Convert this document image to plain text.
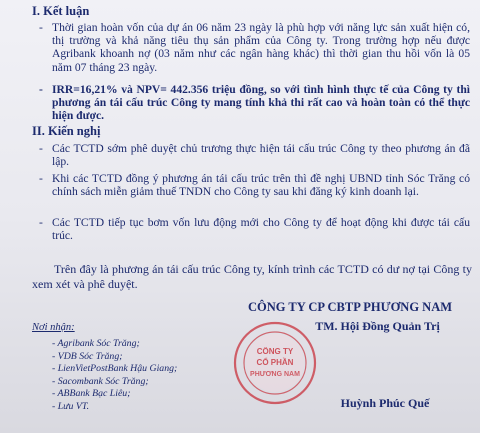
I. Kết luận
- Thời gian hoàn vốn của dự án 06 năm 23 ngày là phù hợp với năng lực sản xuất hiện có, thị trường và khả năng tiêu thụ sản phẩm của Công ty. Trong trường hợp nếu được Agribank khoanh nợ (03 năm như các ngân hàng khác) thì thời gian thu hồi vốn là 05 năm 07 tháng 23 ngày.
- IRR=16,21% và NPV= 442.356 triệu đồng, so với tình hình thực tế của Công ty thì phương án tái cấu trúc Công ty mang tính khả thi rất cao và hoàn toàn có thể thực hiện được.
II. Kiến nghị
- Các TCTD sớm phê duyệt chủ trương thực hiện tái cấu trúc Công ty theo phương án đã lập.
- Khi các TCTD đồng ý phương án tái cấu trúc trên thì đề nghị UBND tỉnh Sóc Trăng có chính sách miễn giảm thuế TNDN cho Công ty sau khi đăng ký kinh doanh lại.
- Các TCTD tiếp tục bơm vốn lưu động mới cho Công ty để hoạt động khi được tái cấu trúc.
Trên đây là phương án tái cấu trúc Công ty, kính trình các TCTD có dư nợ tại Công ty xem xét và phê duyệt.
CÔNG TY CP CBTP PHƯƠNG NAM
TM. Hội Đồng Quản Trị
Nơi nhận:
- Agribank Sóc Trăng;
- VDB Sóc Trăng;
- LienVietPostBank Hậu Giang;
- Sacombank Sóc Trăng;
- ABBank Bạc Liêu;
- Lưu VT.
CÔNG TY
CỔ PHẦN
PHƯƠNG NAM
Huỳnh Phúc Quế
